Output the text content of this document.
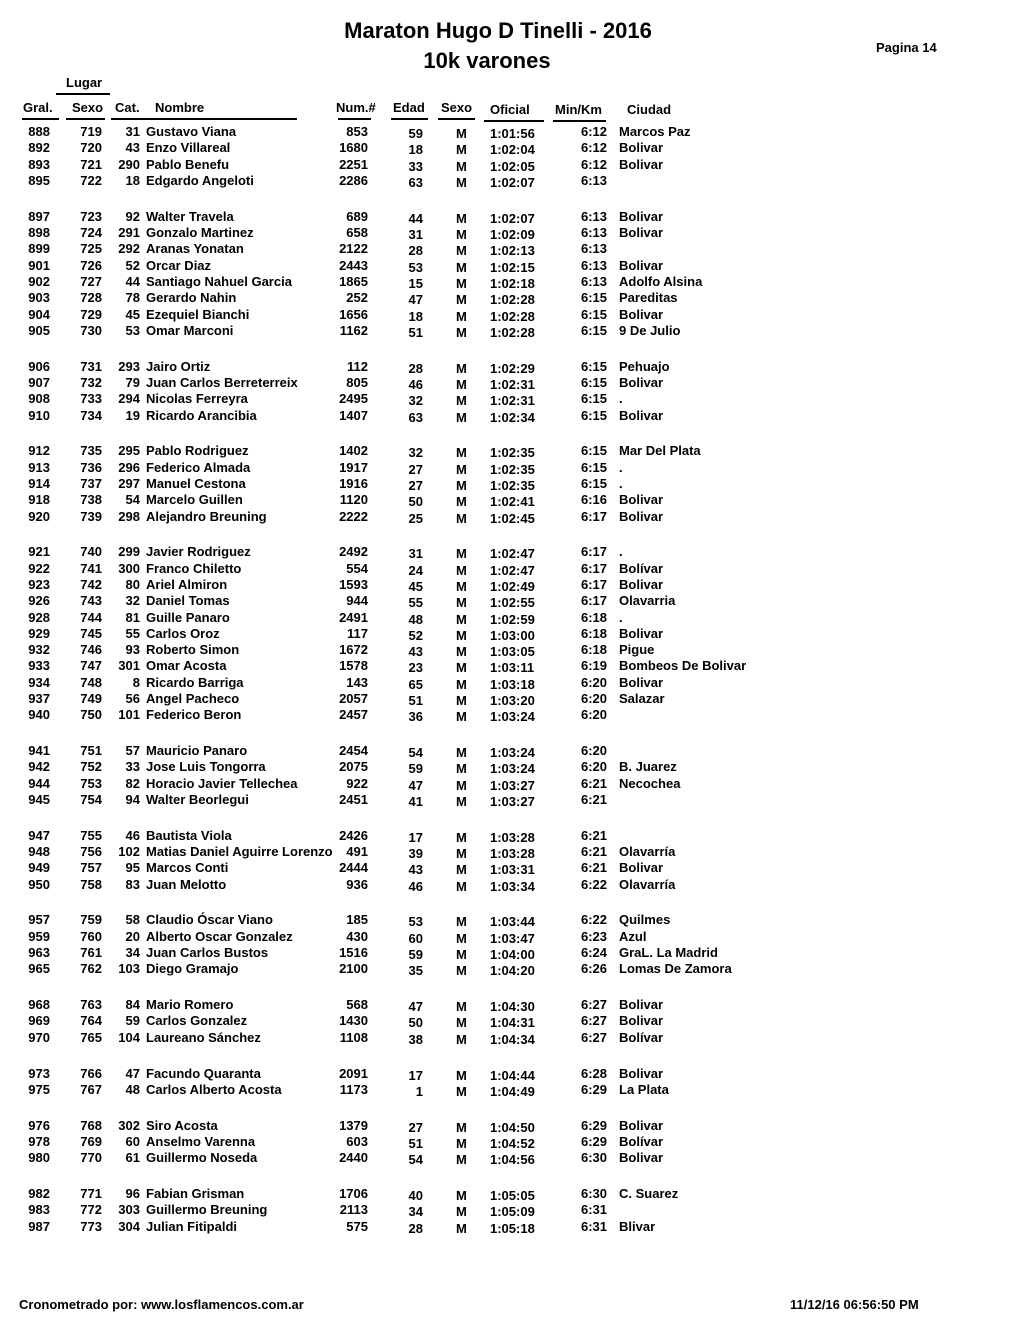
Maraton Hugo D Tinelli - 2016
10k varones
Pagina 14
Lugar
Gral. Sexo Cat. Nombre	Num.# Edad Sexo Oficial Min/Km Ciudad
888	719	31 Gustavo Viana	853	59	M 1:01:56	6:12 Marcos Paz
892	720	43 Enzo Villareal	1680	18	M 1:02:04	6:12 Bolivar
893	721	290 Pablo Benefu	2251	33	M 1:02:05	6:12 Bolivar
895	722	18 Edgardo Angeloti	2286	63	M 1:02:07	6:13
897	723	92 Walter Travela	689	44	M 1:02:07	6:13 Bolivar
898	724	291 Gonzalo Martinez	658	31	M 1:02:09	6:13 Bolivar
899	725	292 Aranas Yonatan	2122	28	M 1:02:13	6:13
901	726	52 Orcar Diaz	2443	53	M 1:02:15	6:13 Bolivar
902	727	44 Santiago Nahuel Garcia	1865	15	M 1:02:18	6:13 Adolfo Alsina
903	728	78 Gerardo Nahin	252	47	M 1:02:28	6:15 Pareditas
904	729	45 Ezequiel Bianchi	1656	18	M 1:02:28	6:15 Bolivar
905	730	53 Omar Marconi	1162	51	M 1:02:28	6:15 9 De Julio
906	731	293 Jairo Ortiz	112	28	M 1:02:29	6:15 Pehuajo
907	732	79 Juan Carlos Berreterreix	805	46	M 1:02:31	6:15 Bolivar
908	733	294 Nicolas Ferreyra	2495	32	M 1:02:31	6:15 .
910	734	19 Ricardo Arancibia	1407	63	M 1:02:34	6:15 Bolivar
912	735	295 Pablo Rodriguez	1402	32	M 1:02:35	6:15 Mar Del Plata
913	736	296 Federico Almada	1917	27	M 1:02:35	6:15 .
914	737	297 Manuel Cestona	1916	27	M 1:02:35	6:15 .
918	738	54 Marcelo Guillen	1120	50	M 1:02:41	6:16 Bolivar
920	739	298 Alejandro Breuning	2222	25	M 1:02:45	6:17 Bolivar
921	740	299 Javier Rodriguez	2492	31	M 1:02:47	6:17 .
922	741	300 Franco Chiletto	554	24	M 1:02:47	6:17 Bolívar
923	742	80 Ariel Almiron	1593	45	M 1:02:49	6:17 Bolivar
926	743	32 Daniel Tomas	944	55	M 1:02:55	6:17 Olavarria
928	744	81 Guille Panaro	2491	48	M 1:02:59	6:18 .
929	745	55 Carlos Oroz	117	52	M 1:03:00	6:18 Bolivar
932	746	93 Roberto Simon	1672	43	M 1:03:05	6:18 Pigue
933	747	301 Omar Acosta	1578	23	M 1:03:11	6:19 Bombeos De Bolivar
934	748	8 Ricardo Barriga	143	65	M 1:03:18	6:20 Bolivar
937	749	56 Angel Pacheco	2057	51	M 1:03:20	6:20 Salazar
940	750	101 Federico Beron	2457	36	M 1:03:24	6:20
941	751	57 Mauricio Panaro	2454	54	M 1:03:24	6:20
942	752	33 Jose Luis Tongorra	2075	59	M 1:03:24	6:20 B. Juarez
944	753	82 Horacio Javier Tellechea	922	47	M 1:03:27	6:21 Necochea
945	754	94 Walter Beorlegui	2451	41	M 1:03:27	6:21
947	755	46 Bautista Viola	2426	17	M 1:03:28	6:21
948	756	102 Matias Daniel Aguirre Lorenzo	491	39	M 1:03:28	6:21 Olavarría
949	757	95 Marcos Conti	2444	43	M 1:03:31	6:21 Bolivar
950	758	83 Juan Melotto	936	46	M 1:03:34	6:22 Olavarría
957	759	58 Claudio Óscar Viano	185	53	M 1:03:44	6:22 Quilmes
959	760	20 Alberto Oscar Gonzalez	430	60	M 1:03:47	6:23 Azul
963	761	34 Juan Carlos Bustos	1516	59	M 1:04:00	6:24 GraL. La Madrid
965	762	103 Diego Gramajo	2100	35	M 1:04:20	6:26 Lomas De Zamora
968	763	84 Mario Romero	568	47	M 1:04:30	6:27 Bolivar
969	764	59 Carlos Gonzalez	1430	50	M 1:04:31	6:27 Bolivar
970	765	104 Laureano Sánchez	1108	38	M 1:04:34	6:27 Bolívar
973	766	47 Facundo Quaranta	2091	17	M 1:04:44	6:28 Bolivar
975	767	48 Carlos Alberto Acosta	1173	1	M 1:04:49	6:29 La Plata
976	768	302 Siro Acosta	1379	27	M 1:04:50	6:29 Bolivar
978	769	60 Anselmo Varenna	603	51	M 1:04:52	6:29 Bolívar
980	770	61 Guillermo Noseda	2440	54	M 1:04:56	6:30 Bolivar
982	771	96 Fabian Grisman	1706	40	M 1:05:05	6:30 C. Suarez
983	772	303 Guillermo Breuning	2113	34	M 1:05:09	6:31
987	773	304 Julian Fitipaldi	575	28	M 1:05:18	6:31 Blivar
Cronometrado por: www.losflamencos.com.ar	11/12/16 06:56:50 PM
